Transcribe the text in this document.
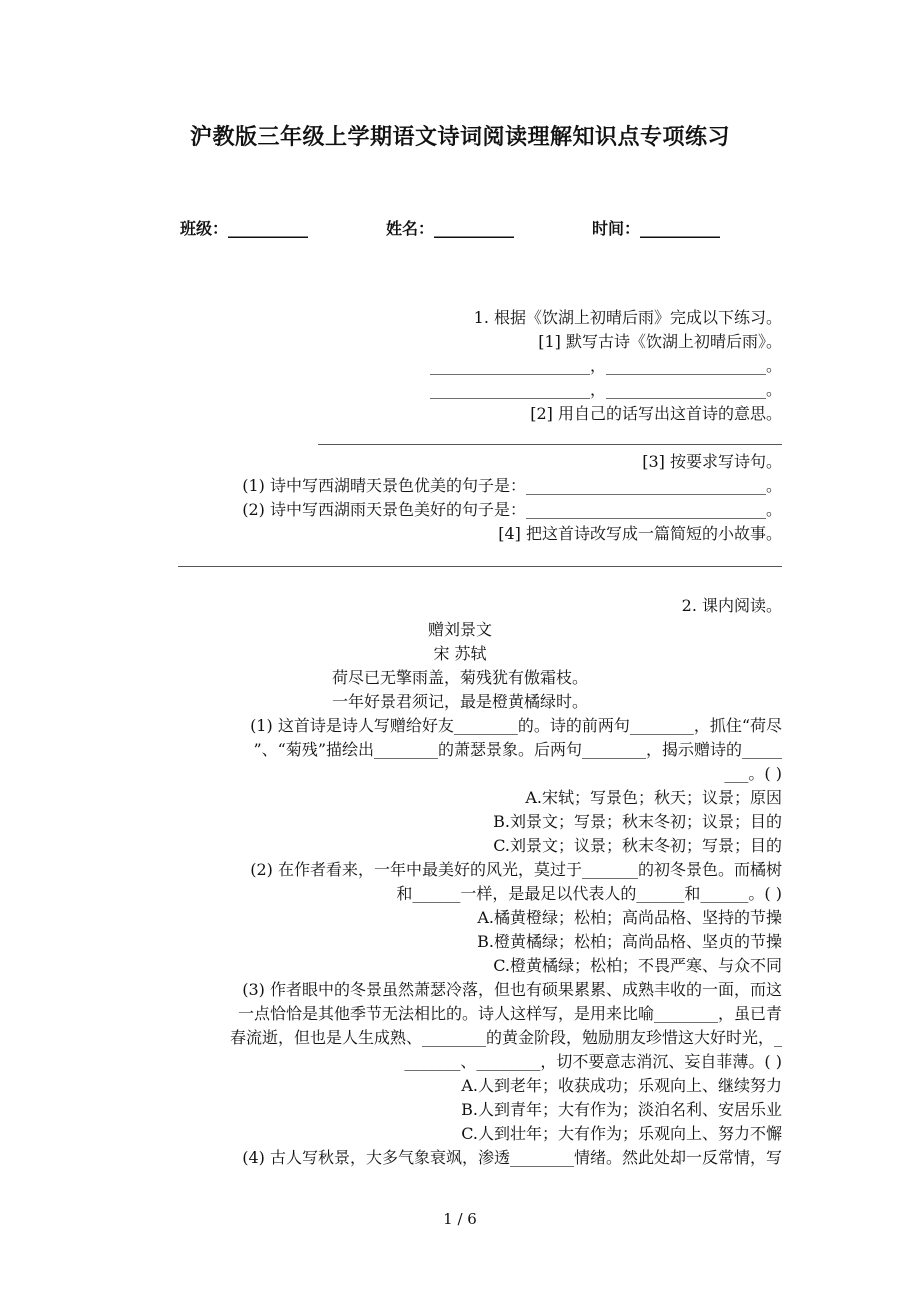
沪教版三年级上学期语文诗词阅读理解知识点专项练习
班级：__________	姓名：__________	时间：__________
1. 根据《饮湖上初晴后雨》完成以下练习。
[1] 默写古诗《饮湖上初晴后雨》。
____________________，____________________。
____________________，____________________。
[2] 用自己的话写出这首诗的意思。
[3] 按要求写诗句。
(1) 诗中写西湖晴天景色优美的句子是：______________________________。
(2) 诗中写西湖雨天景色美好的句子是：______________________________。
[4] 把这首诗改写成一篇简短的小故事。
2. 课内阅读。
赠刘景文
宋 苏轼
荷尽已无擎雨盖，菊残犹有傲霜枝。
一年好景君须记，最是橙黄橘绿时。
(1) 这首诗是诗人写赠给好友________的。诗的前两句________，抓住“荷尽
”、“菊残”描绘出________的萧瑟景象。后两句________，揭示赠诗的_____
___。( )
A.宋轼；写景色；秋天；议景；原因
B.刘景文；写景；秋末冬初；议景；目的
C.刘景文；议景；秋末冬初；写景；目的
(2) 在作者看来，一年中最美好的风光，莫过于_______的初冬景色。而橘树
和______一样，是最足以代表人的______和______。( )
A.橘黄橙绿；松柏；高尚品格、坚持的节操
B.橙黄橘绿；松柏；高尚品格、坚贞的节操
C.橙黄橘绿；松柏；不畏严寒、与众不同
(3) 作者眼中的冬景虽然萧瑟冷落，但也有硕果累累、成熟丰收的一面，而这
一点恰恰是其他季节无法相比的。诗人这样写，是用来比喻________，虽已青
春流逝，但也是人生成熟、________的黄金阶段，勉励朋友珍惜这大好时光，_
_______、________，切不要意志消沉、妄自菲薄。( )
A.人到老年；收获成功；乐观向上、继续努力
B.人到青年；大有作为；淡泊名利、安居乐业
C.人到壮年；大有作为；乐观向上、努力不懈
(4) 古人写秋景，大多气象衰飒，渗透________情绪。然此处却一反常情，写
1 / 6
